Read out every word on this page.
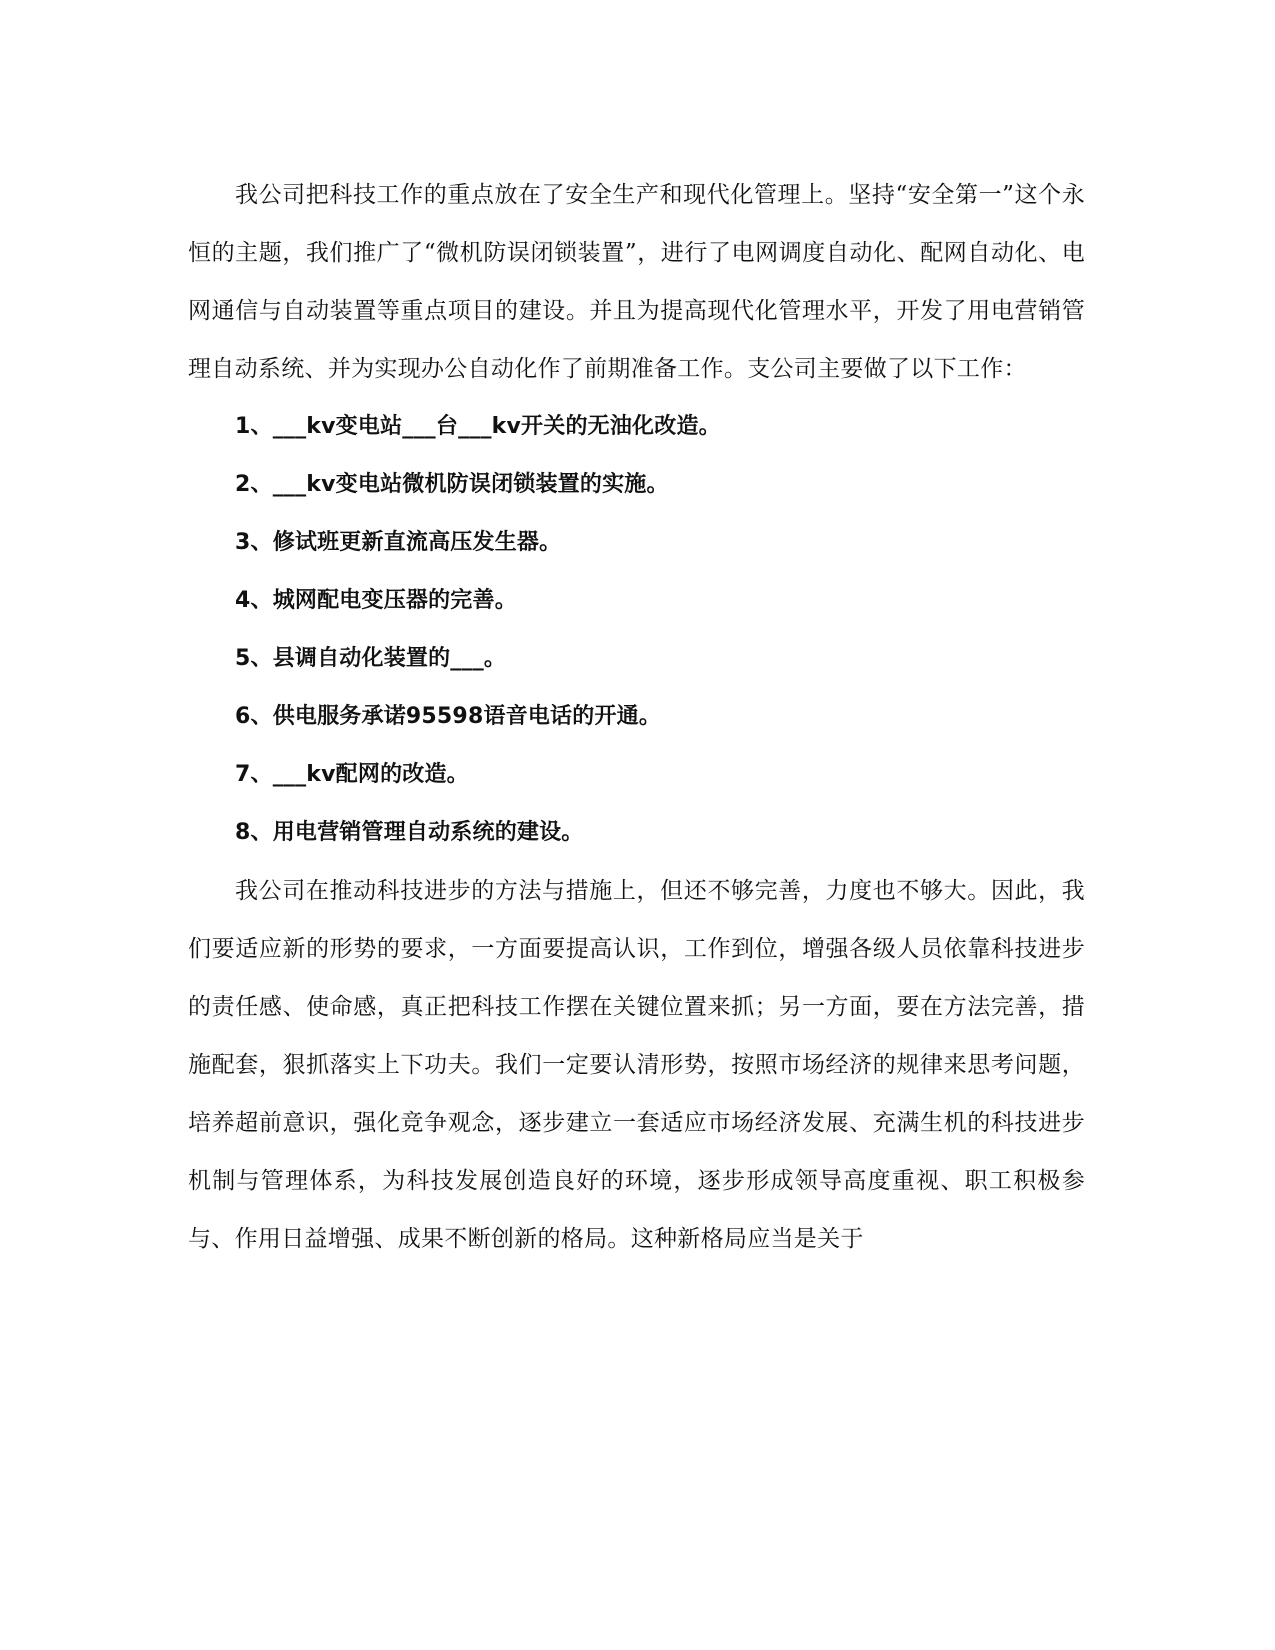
我公司把科技工作的重点放在了安全生产和现代化管理上。坚持“安全第一”这个永恒的主题，我们推广了“微机防误闭锁装置”，进行了电网调度自动化、配网自动化、电网通信与自动装置等重点项目的建设。并且为提高现代化管理水平，开发了用电营销管理自动系统、并为实现办公自动化作了前期准备工作。支公司主要做了以下工作：

1、___kv变电站___台___kv开关的无油化改造。
2、___kv变电站微机防误闭锁装置的实施。
3、修试班更新直流高压发生器。
4、城网配电变压器的完善。
5、县调自动化装置的___。
6、供电服务承诺95598语音电话的开通。
7、___kv配网的改造。
8、用电营销管理自动系统的建设。

我公司在推动科技进步的方法与措施上，但还不够完善，力度也不够大。因此，我们要适应新的形势的要求，一方面要提高认识，工作到位，增强各级人员依靠科技进步的责任感、使命感，真正把科技工作摆在关键位置来抓；另一方面，要在方法完善，措施配套，狠抓落实上下功夫。我们一定要认清形势，按照市场经济的规律来思考问题，培养超前意识，强化竞争观念，逐步建立一套适应市场经济发展、充满生机的科技进步机制与管理体系，为科技发展创造良好的环境，逐步形成领导高度重视、职工积极参与、作用日益增强、成果不断创新的格局。这种新格局应当是关于
